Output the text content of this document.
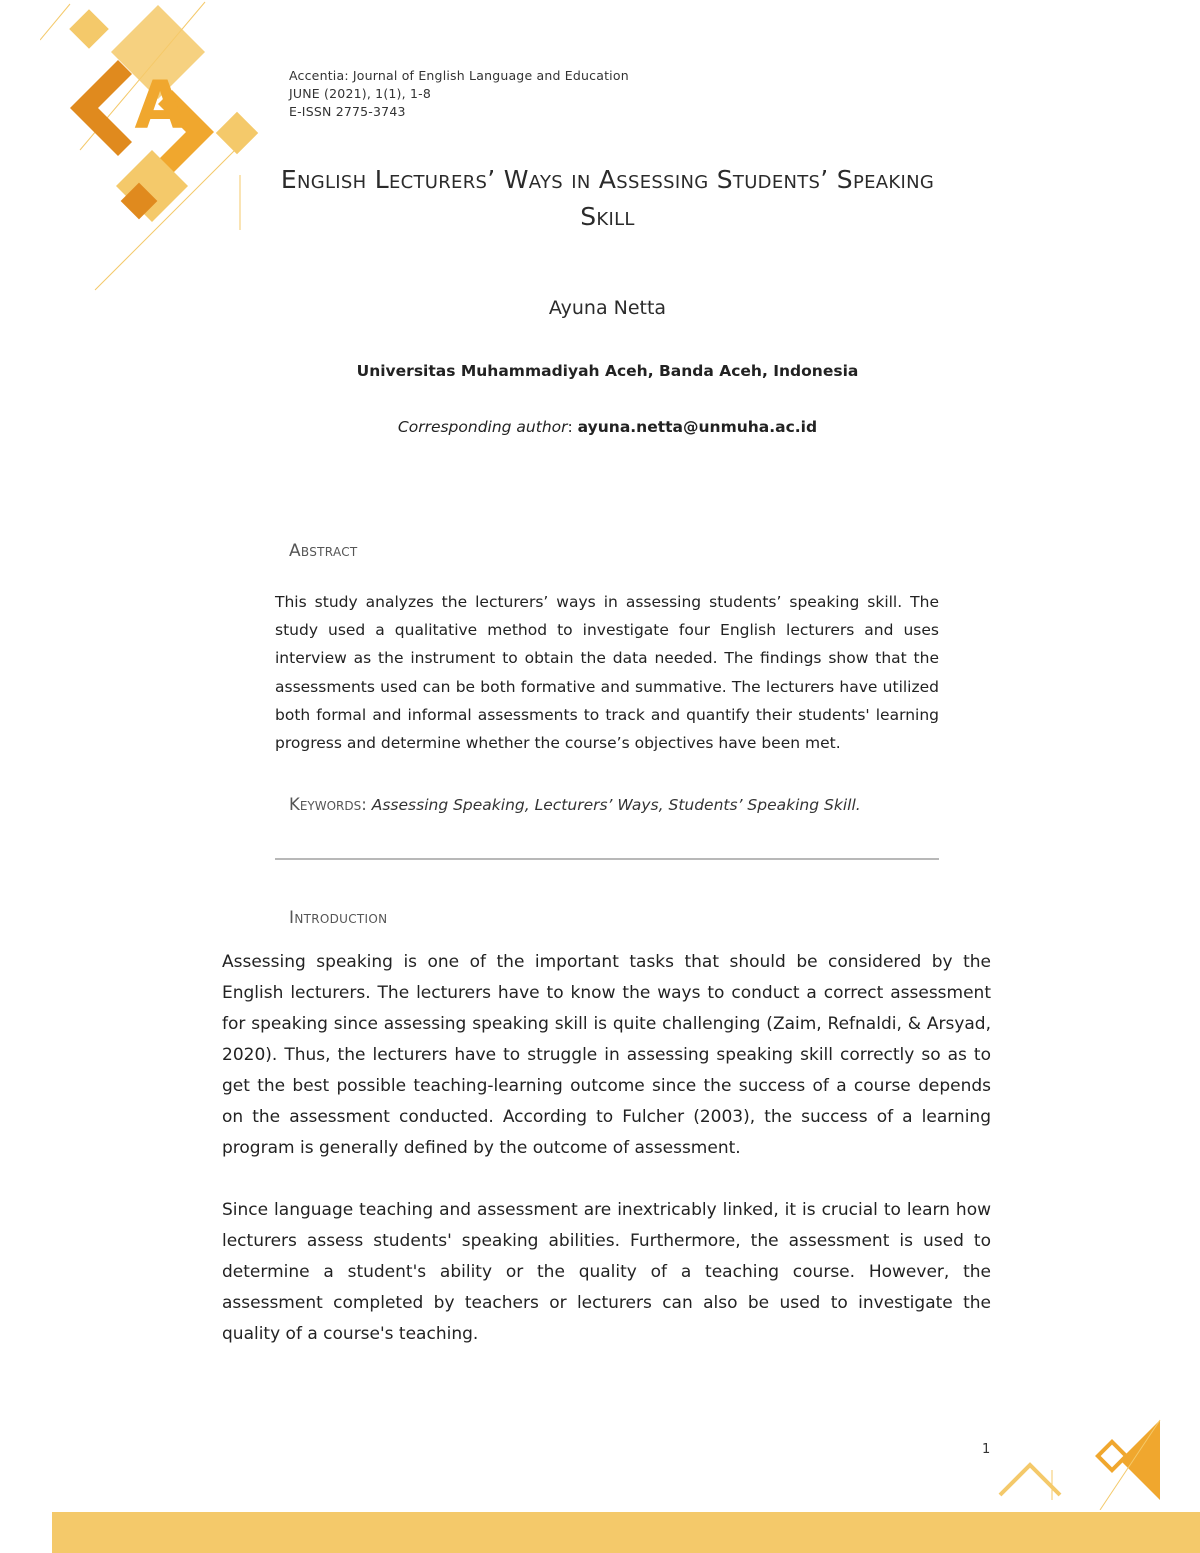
A	Accentia: Journal of English Language and Education
JUNE (2021), 1(1), 1-8
E-ISSN 2775-3743
English Lecturers’ Ways in Assessing Students’ Speaking
Skill
Ayuna Netta
Universitas Muhammadiyah Aceh, Banda Aceh, Indonesia
Corresponding author: ayuna.netta@unmuha.ac.id
Abstract
This study analyzes the lecturers’ ways in assessing students’ speaking skill. The study used a qualitative method to investigate four English lecturers and uses interview as the instrument to obtain the data needed. The findings show that the assessments used can be both formative and summative. The lecturers have utilized both formal and informal assessments to track and quantify their students' learning progress and determine whether the course’s objectives have been met.
Keywords: Assessing Speaking, Lecturers’ Ways, Students’ Speaking Skill.
Introduction
Assessing speaking is one of the important tasks that should be considered by the English lecturers. The lecturers have to know the ways to conduct a correct assessment for speaking since assessing speaking skill is quite challenging (Zaim, Refnaldi, & Arsyad, 2020). Thus, the lecturers have to struggle in assessing speaking skill correctly so as to get the best possible teaching-learning outcome since the success of a course depends on the assessment conducted. According to Fulcher (2003), the success of a learning program is generally defined by the outcome of assessment.
Since language teaching and assessment are inextricably linked, it is crucial to learn how lecturers assess students' speaking abilities. Furthermore, the assessment is used to determine a student's ability or the quality of a teaching course. However, the assessment completed by teachers or lecturers can also be used to investigate the quality of a course's teaching.
1
